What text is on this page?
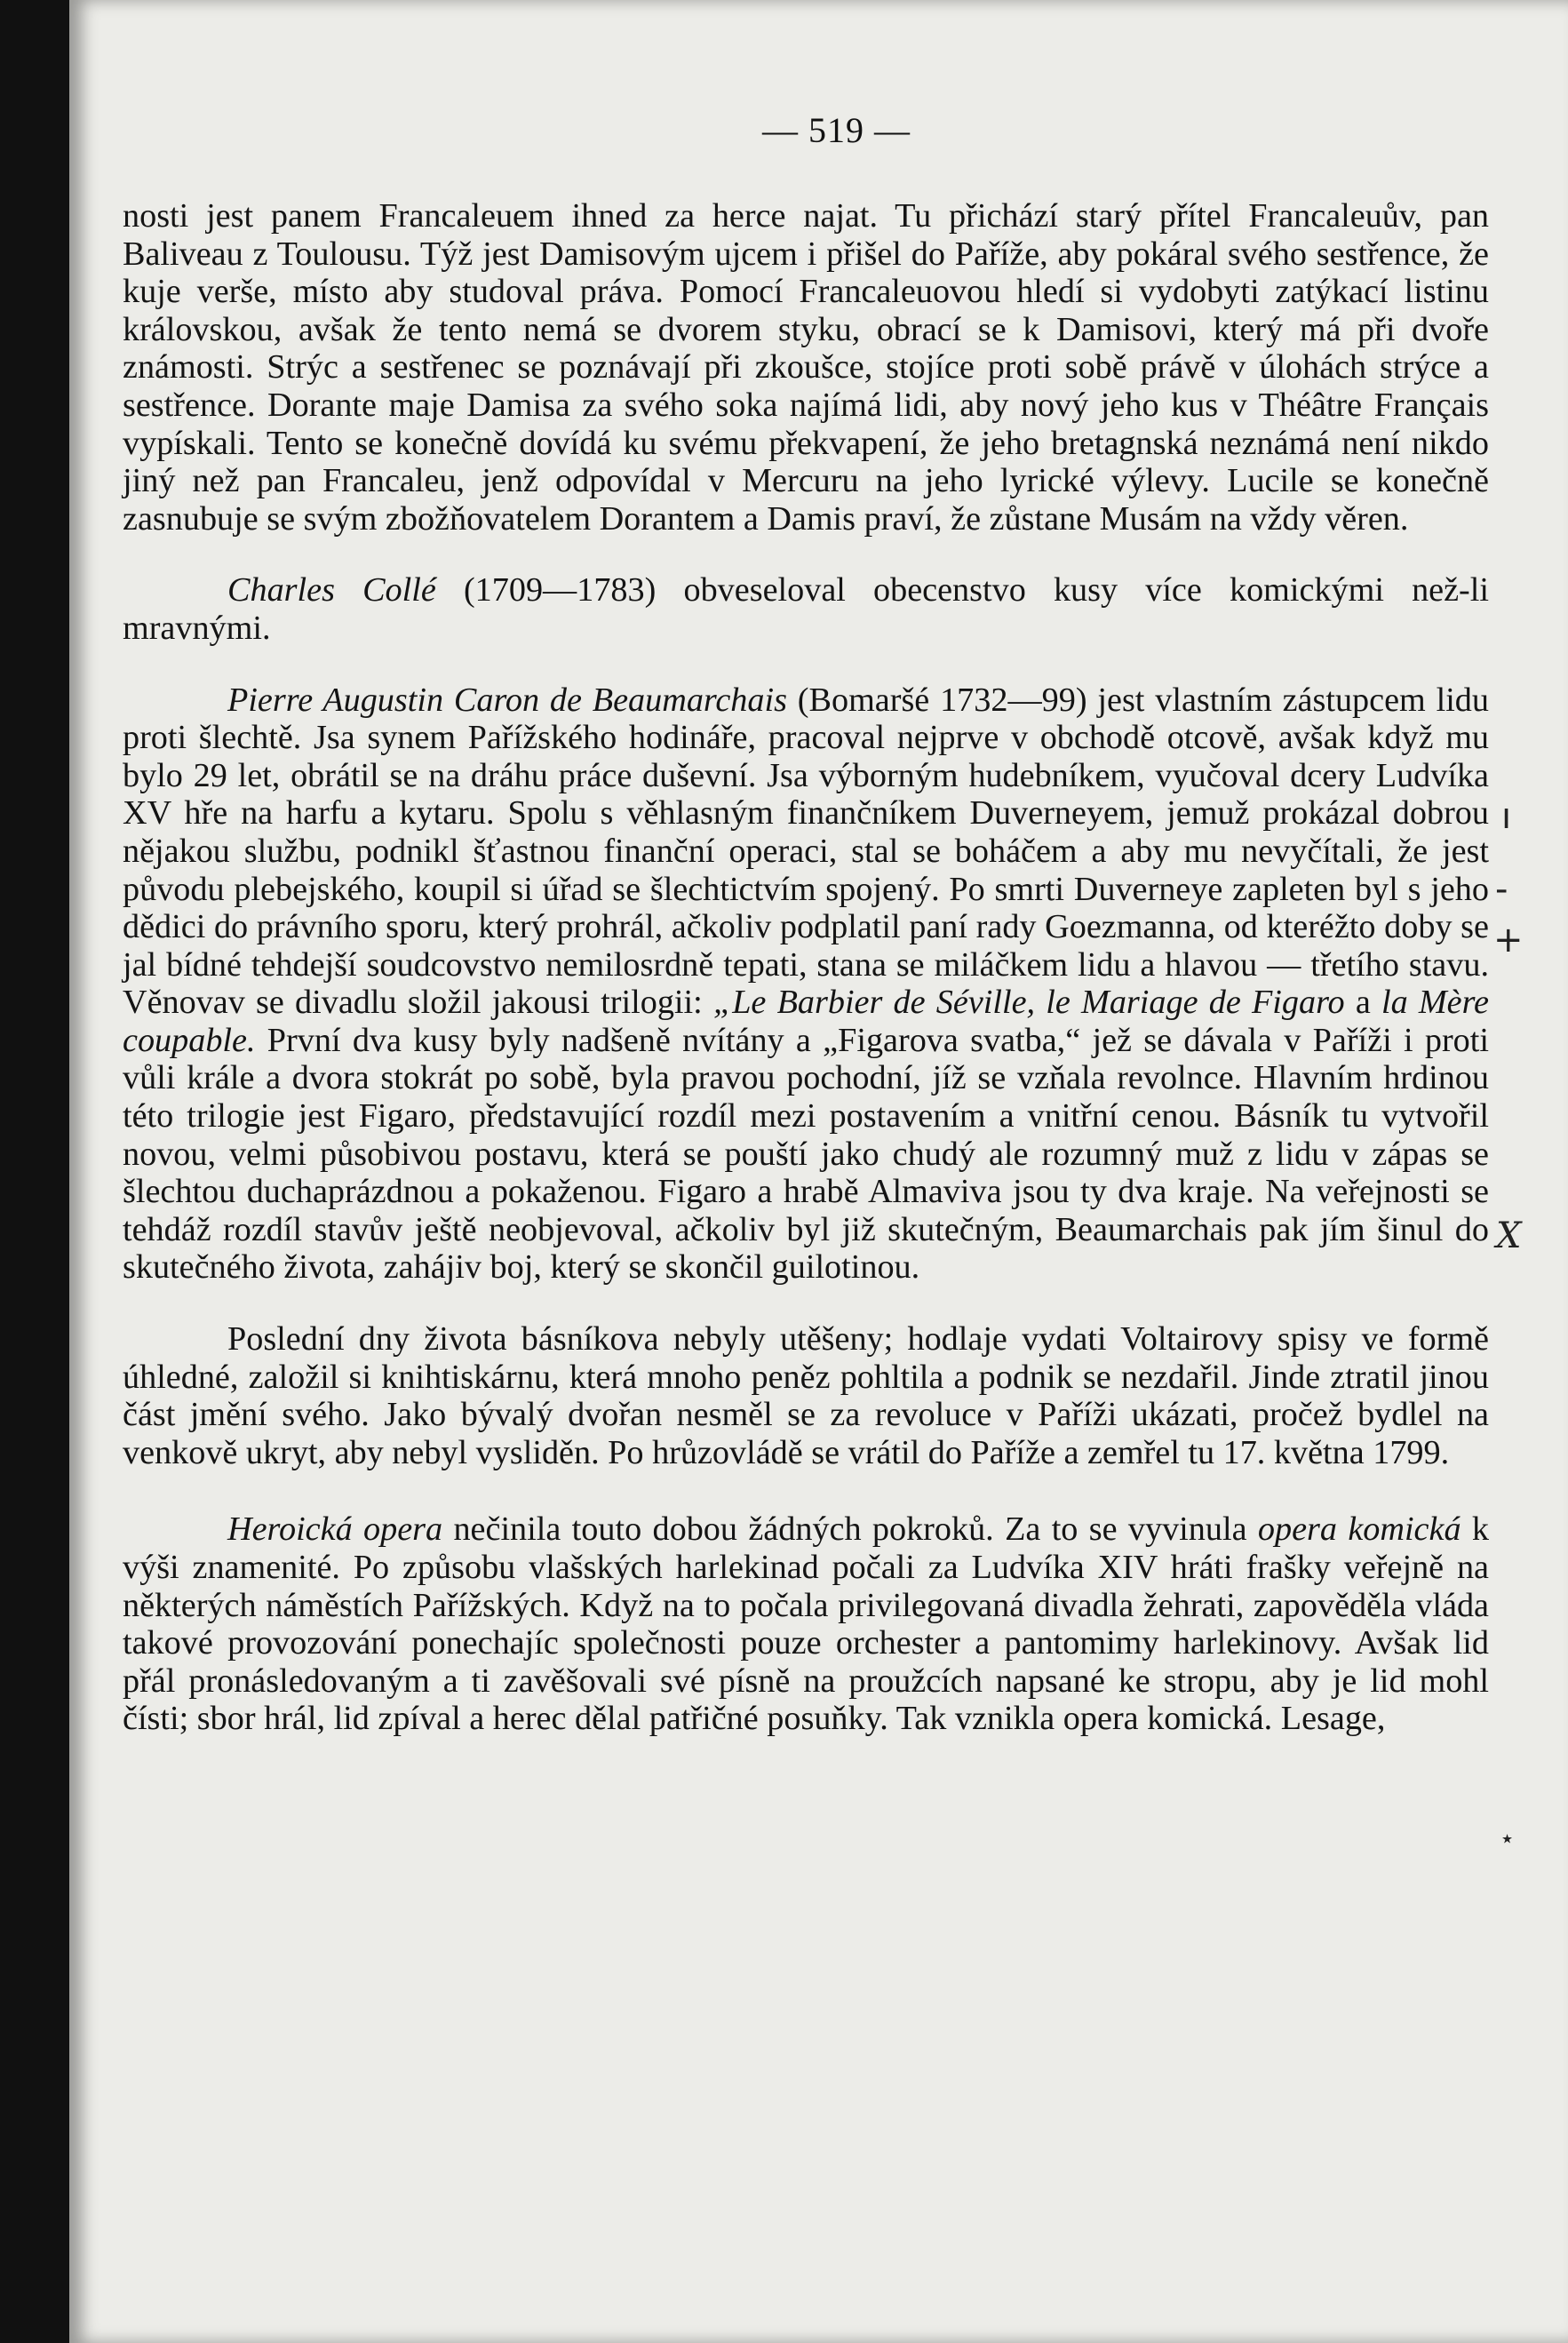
— 519 —

nosti jest panem Francaleuem ihned za herce najat. Tu přichází starý přítel Francaleuův, pan Baliveau z Toulousu. Týž jest Damisovým ujcem i přišel do Paříže, aby pokáral svého sestřence, že kuje verše, místo aby studoval práva. Pomocí Francaleuovou hledí si vydobyti zatýkací listinu královskou, avšak že tento nemá se dvorem styku, obrací se k Damisovi, který má při dvoře známosti. Strýc a sestřenec se poznávají při zkoušce, stojíce proti sobě právě v úlohách strýce a sestřence. Dorante maje Damisa za svého soka najímá lidi, aby nový jeho kus v Théâtre Français vypískali. Tento se konečně dovídá ku svému překvapení, že jeho bretagnská neznámá není nikdo jiný než pan Francaleu, jenž odpovídal v Mercuru na jeho lyrické výlevy. Lucile se konečně zasnubuje se svým zbožňovatelem Dorantem a Damis praví, že zůstane Musám na vždy věren.

Charles Collé (1709—1783) obveseloval obecenstvo kusy více komickými než-li mravnými.

Pierre Augustin Caron de Beaumarchais (Bomaršé 1732—99) jest vlastním zástupcem lidu proti šlechtě. Jsa synem Pařížského hodináře, pracoval nejprve v obchodě otcově, avšak když mu bylo 29 let, obrátil se na dráhu práce duševní. Jsa výborným hudebníkem, vyučoval dcery Ludvíka XV hře na harfu a kytaru. Spolu s věhlasným finančníkem Duverneyem, jemuž prokázal dobrou nějakou službu, podnikl šťastnou finanční operaci, stal se boháčem a aby mu nevyčítali, že jest původu plebejského, koupil si úřad se šlechtictvím spojený. Po smrti Duverneye zapleten byl s jeho dědici do právního sporu, který prohrál, ačkoliv podplatil paní rady Goezmanna, od kteréžto doby se jal bídné tehdejší soudcovstvo nemilosrdně tepati, stana se miláčkem lidu a hlavou — třetího stavu. Věnovav se divadlu složil jakousi trilogii: „Le Barbier de Séville, le Mariage de Figaro a la Mère coupable. První dva kusy byly nadšeně nvítány a „Figarova svatba,“ jež se dávala v Paříži i proti vůli krále a dvora stokrát po sobě, byla pravou pochodní, jíž se vzňala revolnce. Hlavním hrdinou této trilogie jest Figaro, představující rozdíl mezi postavením a vnitřní cenou. Básník tu vytvořil novou, velmi působivou postavu, která se pouští jako chudý ale rozumný muž z lidu v zápas se šlechtou duchaprázdnou a pokaženou. Figaro a hrabě Almaviva jsou ty dva kraje. Na veřejnosti se tehdáž rozdíl stavův ještě neobjevoval, ačkoliv byl již skutečným, Beaumarchais pak jím šinul do skutečného života, zahájiv boj, který se skončil guilotinou.

Poslední dny života básníkova nebyly utěšeny; hodlaje vydati Voltairovy spisy ve formě úhledné, založil si knihtiskárnu, která mnoho peněz pohltila a podnik se nezdařil. Jinde ztratil jinou část jmění svého. Jako bývalý dvořan nesměl se za revoluce v Paříži ukázati, pročež bydlel na venkově ukryt, aby nebyl vysliděn. Po hrůzovládě se vrátil do Paříže a zemřel tu 17. května 1799.

Heroická opera nečinila touto dobou žádných pokroků. Za to se vyvinula opera komická k výši znamenité. Po způsobu vlašských harlekinad počali za Ludvíka XIV hráti frašky veřejně na některých náměstích Pařížských. Když na to počala privilegovaná divadla žehrati, zapověděla vláda takové provozování ponechajíc společnosti pouze orchester a pantomimy harlekinovy. Avšak lid přál pronásledovaným a ti zavěšovali své písně na proužcích napsané ke stropu, aby je lid mohl čísti; sbor hrál, lid zpíval a herec dělal patřičné posuňky. Tak vznikla opera komická. Lesage,

ı
-
+
X
٭
